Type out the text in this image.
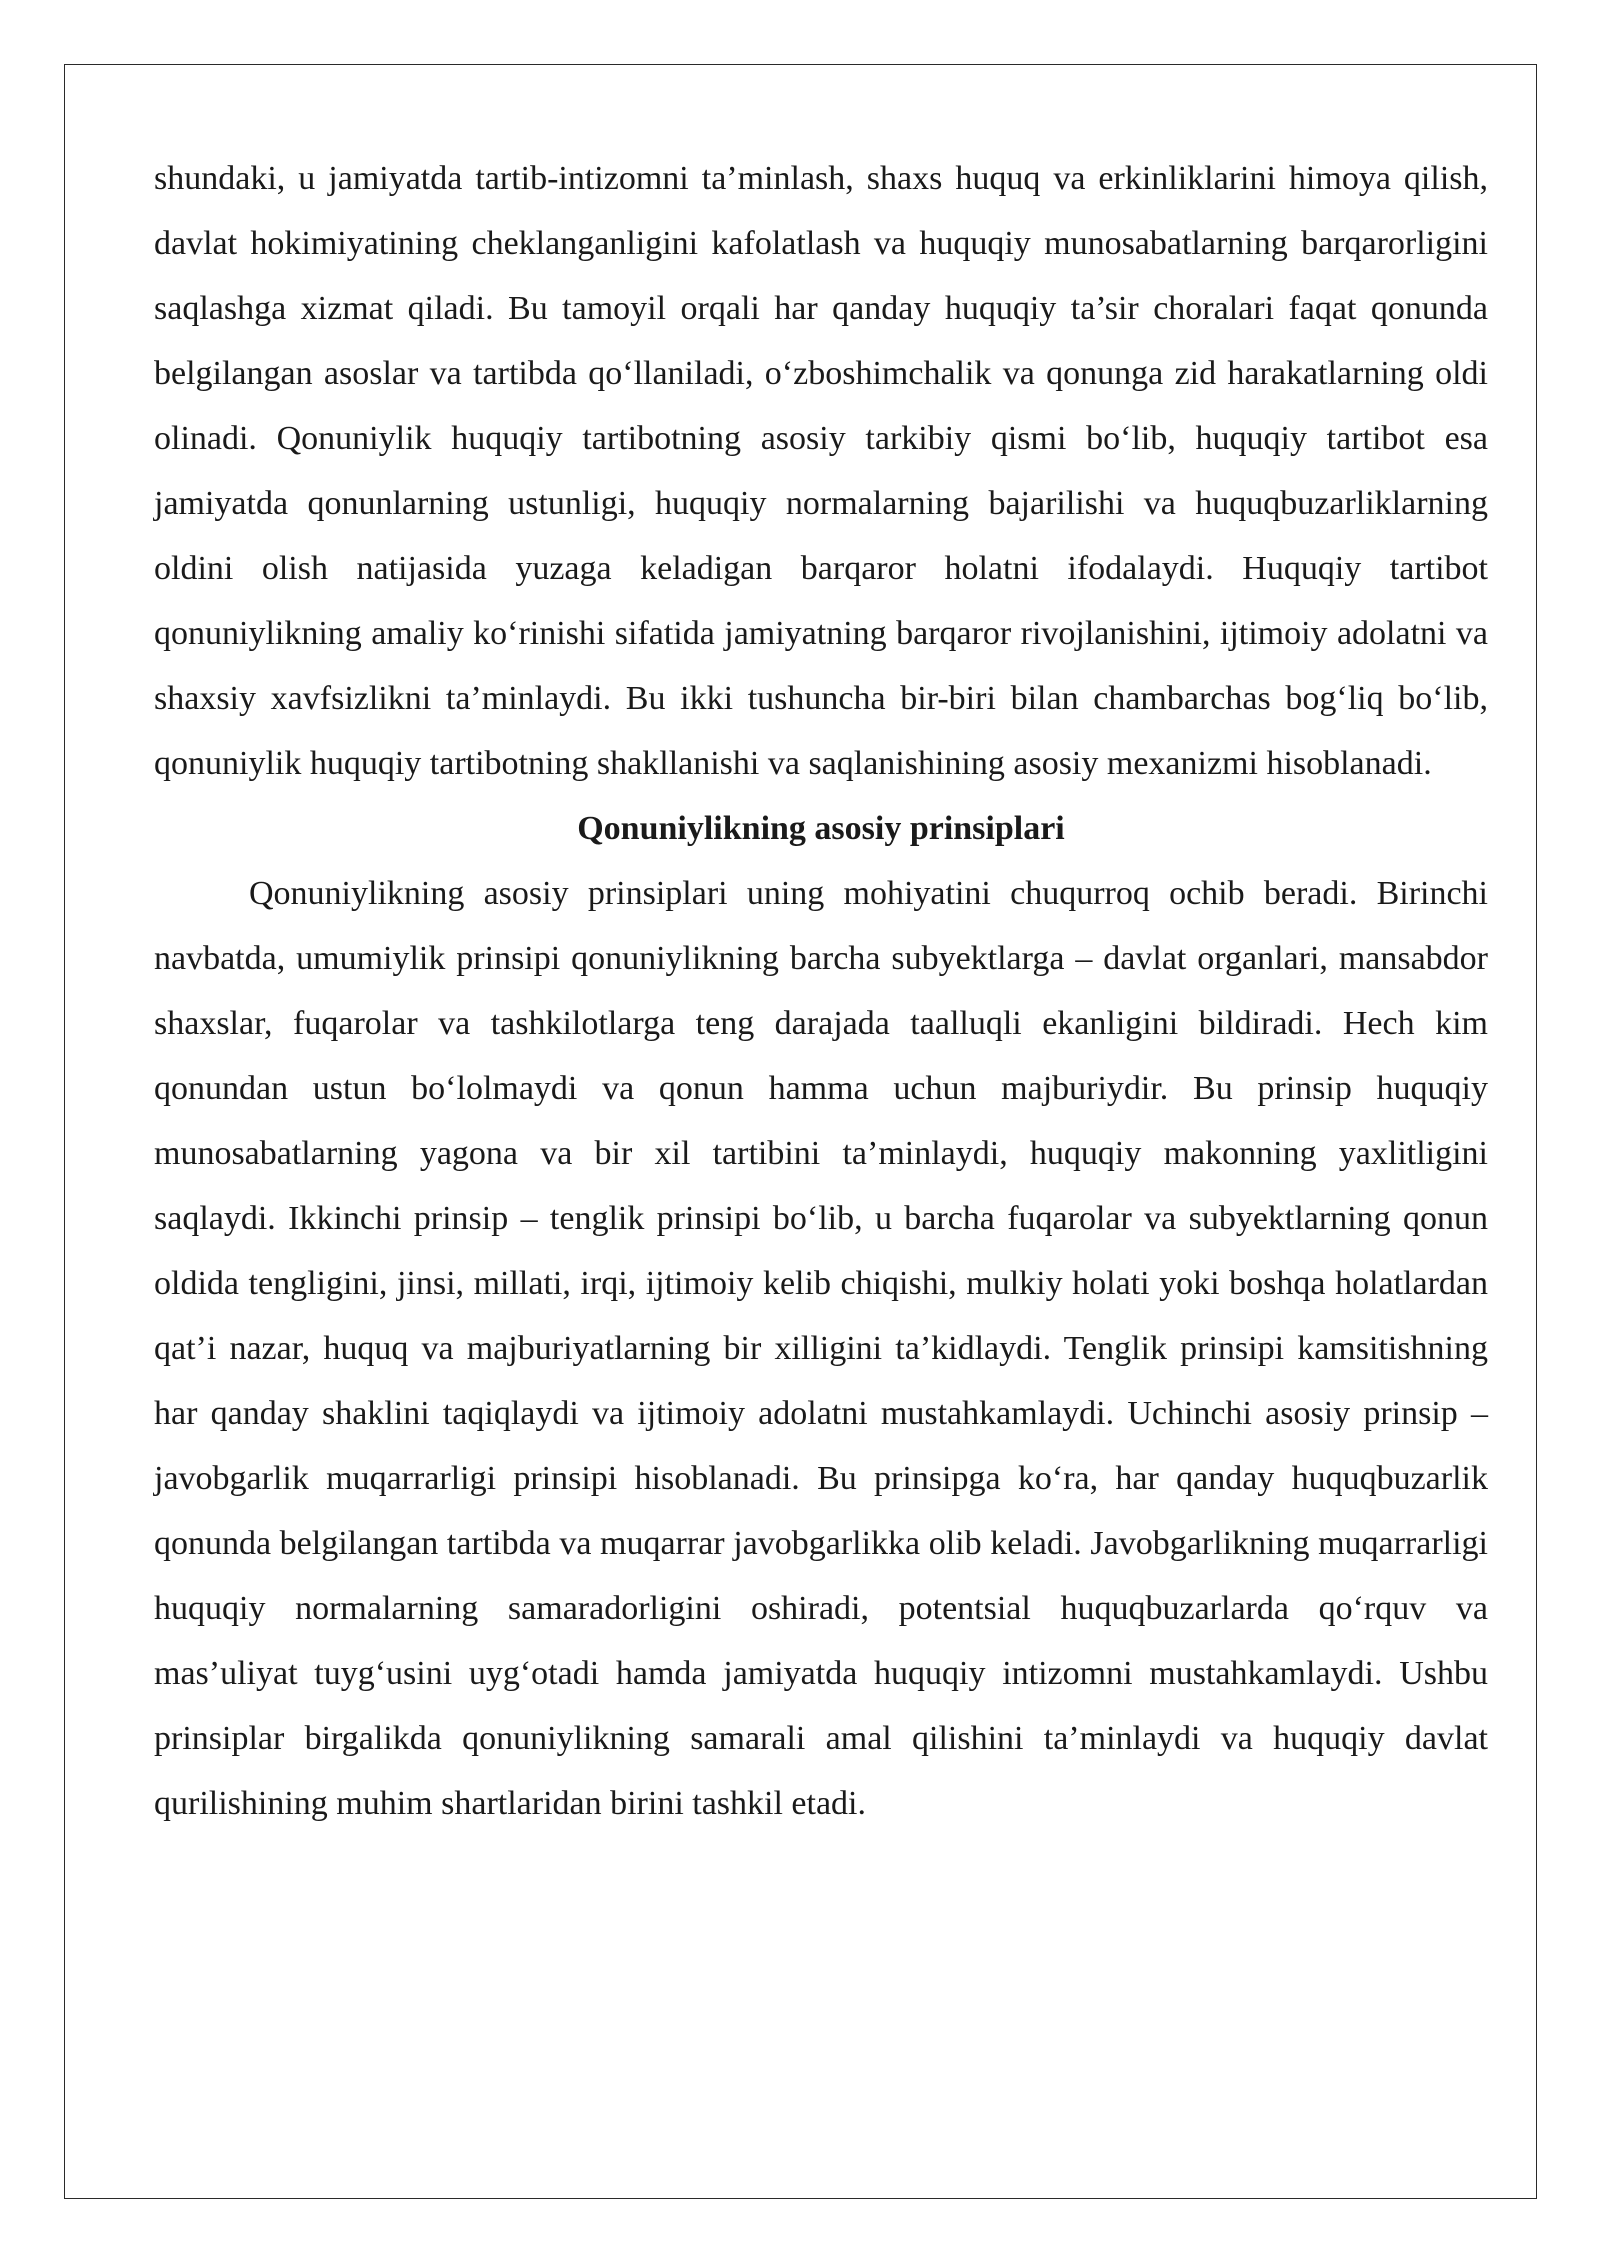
shundaki, u jamiyatda tartib-intizomni ta’minlash, shaxs huquq va erkinliklarini himoya qilish, davlat hokimiyatining cheklanganligini kafolatlash va huquqiy munosabatlarning barqarorligini saqlashga xizmat qiladi. Bu tamoyil orqali har qanday huquqiy ta’sir choralari faqat qonunda belgilangan asoslar va tartibda qo‘llaniladi, o‘zboshimchalik va qonunga zid harakatlarning oldi olinadi. Qonuniylik huquqiy tartibotning asosiy tarkibiy qismi bo‘lib, huquqiy tartibot esa jamiyatda qonunlarning ustunligi, huquqiy normalarning bajarilishi va huquqbuzarliklarning oldini olish natijasida yuzaga keladigan barqaror holatni ifodalaydi. Huquqiy tartibot qonuniylikning amaliy ko‘rinishi sifatida jamiyatning barqaror rivojlanishini, ijtimoiy adolatni va shaxsiy xavfsizlikni ta’minlaydi. Bu ikki tushuncha bir-biri bilan chambarchas bog‘liq bo‘lib, qonuniylik huquqiy tartibotning shakllanishi va saqlanishining asosiy mexanizmi hisoblanadi.

Qonuniylikning asosiy prinsiplari

Qonuniylikning asosiy prinsiplari uning mohiyatini chuqurroq ochib beradi. Birinchi navbatda, umumiylik prinsipi qonuniylikning barcha subyektlarga – davlat organlari, mansabdor shaxslar, fuqarolar va tashkilotlarga teng darajada taalluqli ekanligini bildiradi. Hech kim qonundan ustun bo‘lolmaydi va qonun hamma uchun majburiydir. Bu prinsip huquqiy munosabatlarning yagona va bir xil tartibini ta’minlaydi, huquqiy makonning yaxlitligini saqlaydi. Ikkinchi prinsip – tenglik prinsipi bo‘lib, u barcha fuqarolar va subyektlarning qonun oldida tengligini, jinsi, millati, irqi, ijtimoiy kelib chiqishi, mulkiy holati yoki boshqa holatlardan qat’i nazar, huquq va majburiyatlarning bir xilligini ta’kidlaydi. Tenglik prinsipi kamsitishning har qanday shaklini taqiqlaydi va ijtimoiy adolatni mustahkamlaydi. Uchinchi asosiy prinsip – javobgarlik muqarrarligi prinsipi hisoblanadi. Bu prinsipga ko‘ra, har qanday huquqbuzarlik qonunda belgilangan tartibda va muqarrar javobgarlikka olib keladi. Javobgarlikning muqarrarligi huquqiy normalarning samaradorligini oshiradi, potentsial huquqbuzarlarda qo‘rquv va mas’uliyat tuyg‘usini uyg‘otadi hamda jamiyatda huquqiy intizomni mustahkamlaydi. Ushbu prinsiplar birgalikda qonuniylikning samarali amal qilishini ta’minlaydi va huquqiy davlat qurilishining muhim shartlaridan birini tashkil etadi.
